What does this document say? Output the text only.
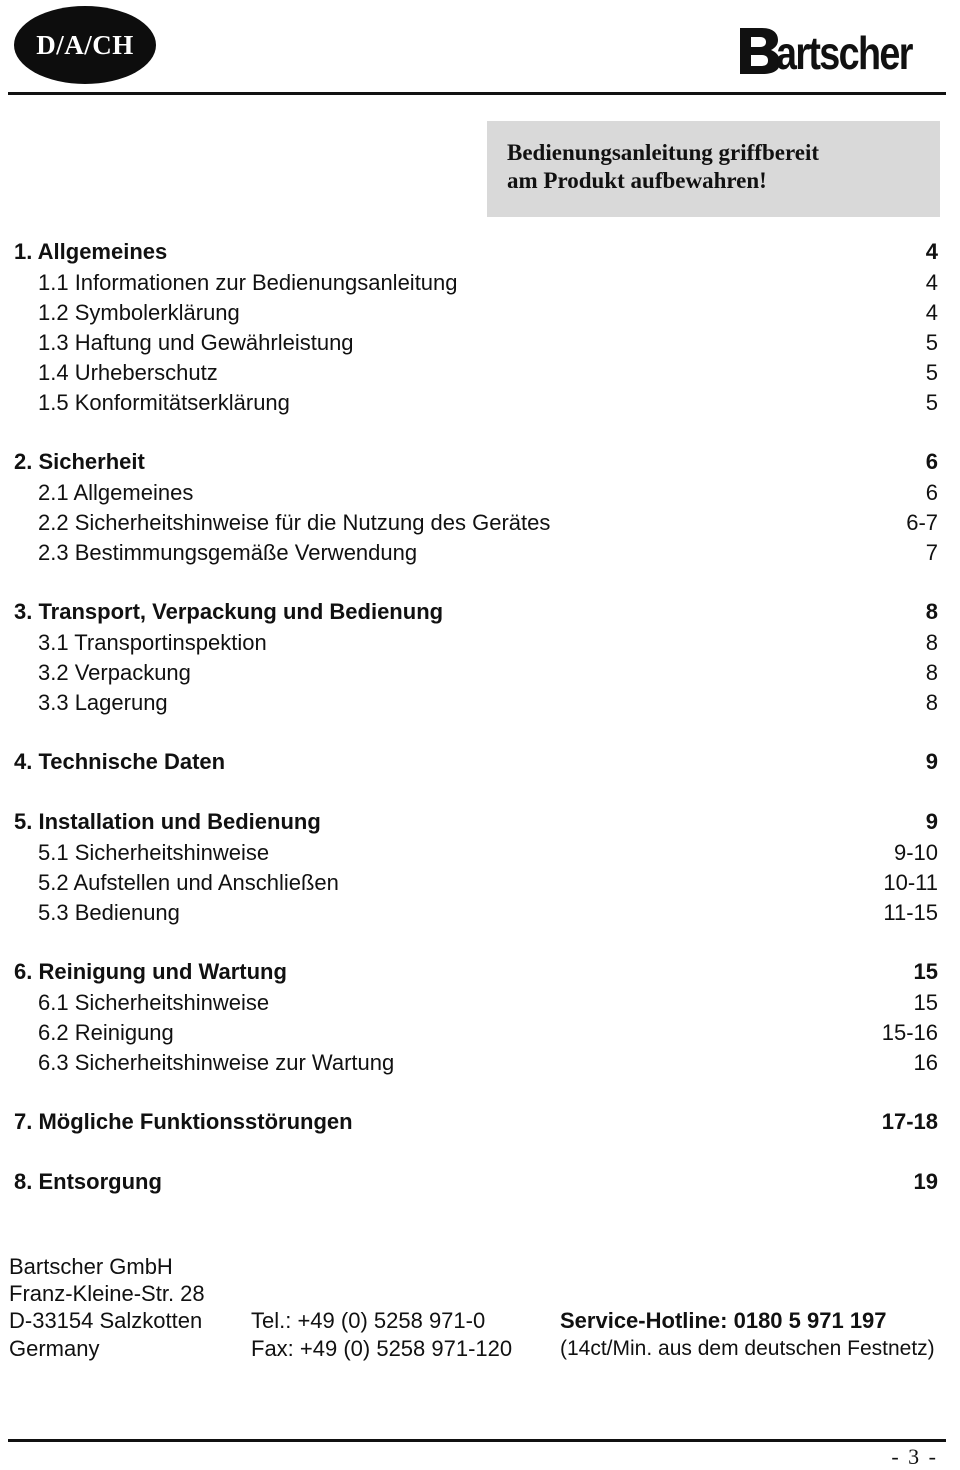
D/A/CH	artscher

Bedienungsanleitung griffbereit
am Produkt aufbewahren!

1. Allgemeines	4
1.1 Informationen zur Bedienungsanleitung	4
1.2 Symbolerklärung	4
1.3 Haftung und Gewährleistung	5
1.4 Urheberschutz	5
1.5 Konformitätserklärung	5
2. Sicherheit	6
2.1 Allgemeines	6
2.2 Sicherheitshinweise für die Nutzung des Gerätes	6-7
2.3 Bestimmungsgemäße Verwendung	7
3. Transport, Verpackung und Bedienung	8
3.1 Transportinspektion	8
3.2 Verpackung	8
3.3 Lagerung	8
4. Technische Daten	9
5. Installation und Bedienung	9
5.1 Sicherheitshinweise	9-10
5.2 Aufstellen und Anschließen	10-11
5.3 Bedienung	11-15
6. Reinigung und Wartung	15
6.1 Sicherheitshinweise	15
6.2 Reinigung	15-16
6.3 Sicherheitshinweise zur Wartung	16
7. Mögliche Funktionsstörungen	17-18
8. Entsorgung	19
Bartscher GmbH
Franz-Kleine-Str. 28
D-33154 Salzkotten
Germany
Tel.: +49 (0) 5258 971-0
Fax: +49 (0) 5258 971-120
Service-Hotline: 0180 5 971 197
(14ct/Min. aus dem deutschen Festnetz)
- 3 -
